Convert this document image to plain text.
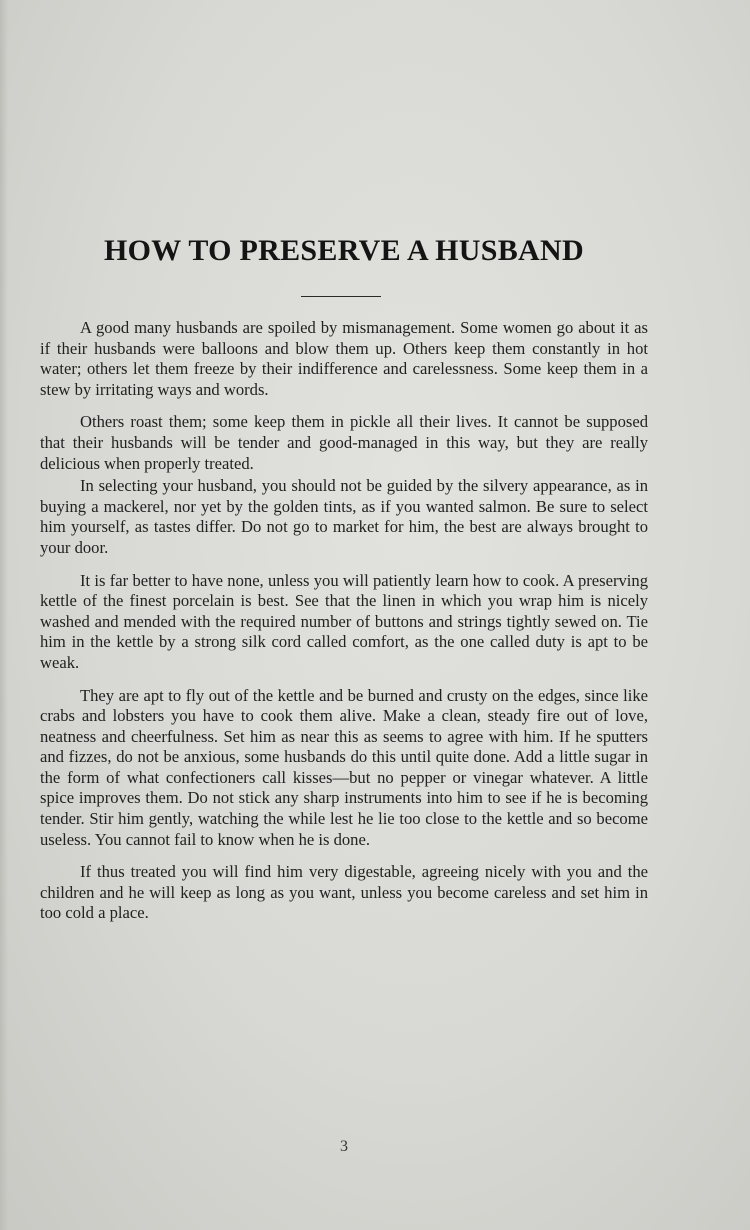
HOW TO PRESERVE A HUSBAND

A good many husbands are spoiled by mismanagement. Some women go about it as if their husbands were balloons and blow them up. Others keep them constantly in hot water; others let them freeze by their indifference and carelessness. Some keep them in a stew by irritating ways and words.

Others roast them; some keep them in pickle all their lives. It cannot be supposed that their husbands will be tender and good-managed in this way, but they are really delicious when properly treated.

In selecting your husband, you should not be guided by the silvery appearance, as in buying a mackerel, nor yet by the golden tints, as if you wanted salmon. Be sure to select him yourself, as tastes differ. Do not go to market for him, the best are always brought to your door.

It is far better to have none, unless you will patiently learn how to cook. A preserving kettle of the finest porcelain is best. See that the linen in which you wrap him is nicely washed and mended with the required number of buttons and strings tightly sewed on. Tie him in the kettle by a strong silk cord called comfort, as the one called duty is apt to be weak.

They are apt to fly out of the kettle and be burned and crusty on the edges, since like crabs and lobsters you have to cook them alive. Make a clean, steady fire out of love, neatness and cheerfulness. Set him as near this as seems to agree with him. If he sputters and fizzes, do not be anxious, some husbands do this until quite done. Add a little sugar in the form of what confectioners call kisses—but no pepper or vinegar whatever. A little spice improves them. Do not stick any sharp instruments into him to see if he is becoming tender. Stir him gently, watching the while lest he lie too close to the kettle and so become useless. You cannot fail to know when he is done.

If thus treated you will find him very digestable, agreeing nicely with you and the children and he will keep as long as you want, unless you become careless and set him in too cold a place.

3
